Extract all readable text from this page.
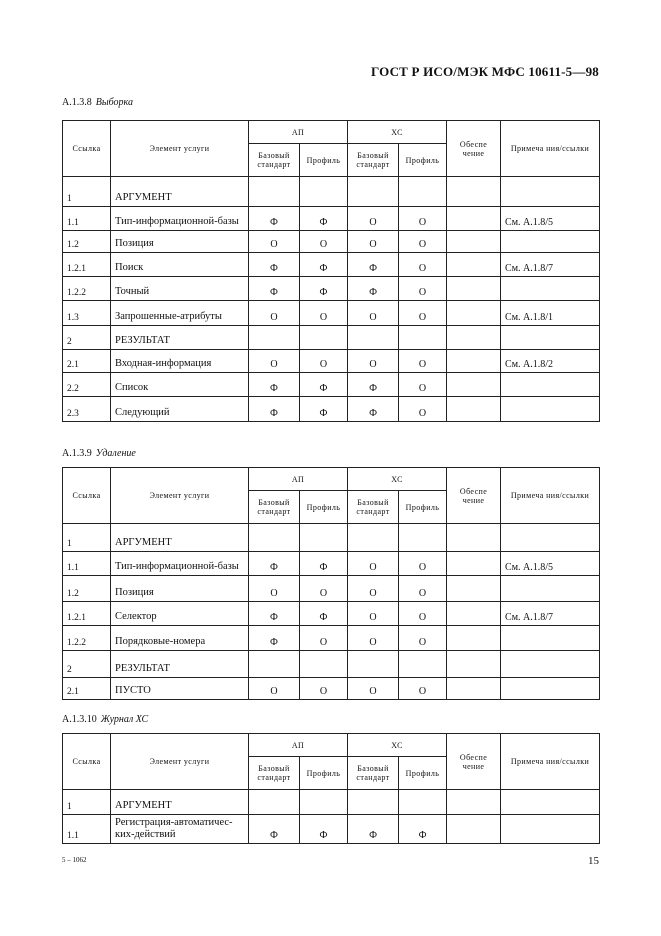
ГОСТ Р ИСО/МЭК МФС 10611-5—98
А.1.3.8 Выборка
Ссылка	Элемент услуги	АП		ХС		Обеспе чение	Примеча ния/ссылки
		Базовый стандарт	Профиль	Базовый стандарт	Профиль		
1	АРГУМЕНТ						
1.1	Тип-информационной-базы	Ф	Ф	О	О		См. А.1.8/5
1.2	Позиция	О	О	О	О		
1.2.1	Поиск	Ф	Ф	Ф	О		См. А.1.8/7
1.2.2	Точный	Ф	Ф	Ф	О		
1.3	Запрошенные-атрибуты	О	О	О	О		См. А.1.8/1
2	РЕЗУЛЬТАТ						
2.1	Входная-информация	О	О	О	О		См. А.1.8/2
2.2	Список	Ф	Ф	Ф	О		
2.3	Следующий	Ф	Ф	Ф	О		
А.1.3.9 Удаление
Ссылка	Элемент услуги	АП		ХС		Обеспе чение	Примеча ния/ссылки
		Базовый стандарт	Профиль	Базовый стандарт	Профиль		
1	АРГУМЕНТ						
1.1	Тип-информационной-базы	Ф	Ф	О	О		См. А.1.8/5
1.2	Позиция	О	О	О	О		
1.2.1	Селектор	Ф	Ф	О	О		См. А.1.8/7
1.2.2	Порядковые-номера	Ф	О	О	О		
2	РЕЗУЛЬТАТ						
2.1	ПУСТО	О	О	О	О		
А.1.3.10 Журнал ХС
Ссылка	Элемент услуги	АП		ХС		Обеспе чение	Примеча ния/ссылки
		Базовый стандарт	Профиль	Базовый стандарт	Профиль		
1	АРГУМЕНТ						
1.1	Регистрация-автоматичес-ких-действий	Ф	Ф	Ф	Ф		
5 – 1062	15
